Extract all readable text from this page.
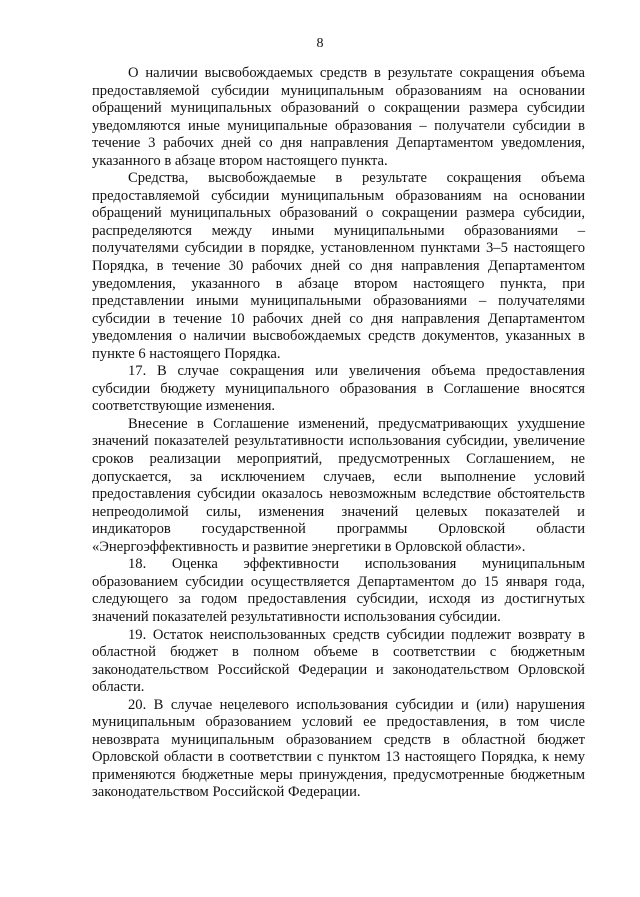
8

О наличии высвобождаемых средств в результате сокращения объема предоставляемой субсидии муниципальным образованиям на основании обращений муниципальных образований о сокращении размера субсидии уведомляются иные муниципальные образования – получатели субсидии в течение 3 рабочих дней со дня направления Департаментом уведомления, указанного в абзаце втором настоящего пункта.

Средства, высвобождаемые в результате сокращения объема предоставляемой субсидии муниципальным образованиям на основании обращений муниципальных образований о сокращении размера субсидии, распределяются между иными муниципальными образованиями – получателями субсидии в порядке, установленном пунктами 3–5 настоящего Порядка, в течение 30 рабочих дней со дня направления Департаментом уведомления, указанного в абзаце втором настоящего пункта, при представлении иными муниципальными образованиями – получателями субсидии в течение 10 рабочих дней со дня направления Департаментом уведомления о наличии высвобождаемых средств документов, указанных в пункте 6 настоящего Порядка.

17. В случае сокращения или увеличения объема предоставления субсидии бюджету муниципального образования в Соглашение вносятся соответствующие изменения.

Внесение в Соглашение изменений, предусматривающих ухудшение значений показателей результативности использования субсидии, увеличение сроков реализации мероприятий, предусмотренных Соглашением, не допускается, за исключением случаев, если выполнение условий предоставления субсидии оказалось невозможным вследствие обстоятельств непреодолимой силы, изменения значений целевых показателей и индикаторов государственной программы Орловской области «Энергоэффективность и развитие энергетики в Орловской области».

18. Оценка эффективности использования муниципальным образованием субсидии осуществляется Департаментом до 15 января года, следующего за годом предоставления субсидии, исходя из достигнутых значений показателей результативности использования субсидии.

19. Остаток неиспользованных средств субсидии подлежит возврату в областной бюджет в полном объеме в соответствии с бюджетным законодательством Российской Федерации и законодательством Орловской области.

20. В случае нецелевого использования субсидии и (или) нарушения муниципальным образованием условий ее предоставления, в том числе невозврата муниципальным образованием средств в областной бюджет Орловской области в соответствии с пунктом 13 настоящего Порядка, к нему применяются бюджетные меры принуждения, предусмотренные бюджетным законодательством Российской Федерации.
